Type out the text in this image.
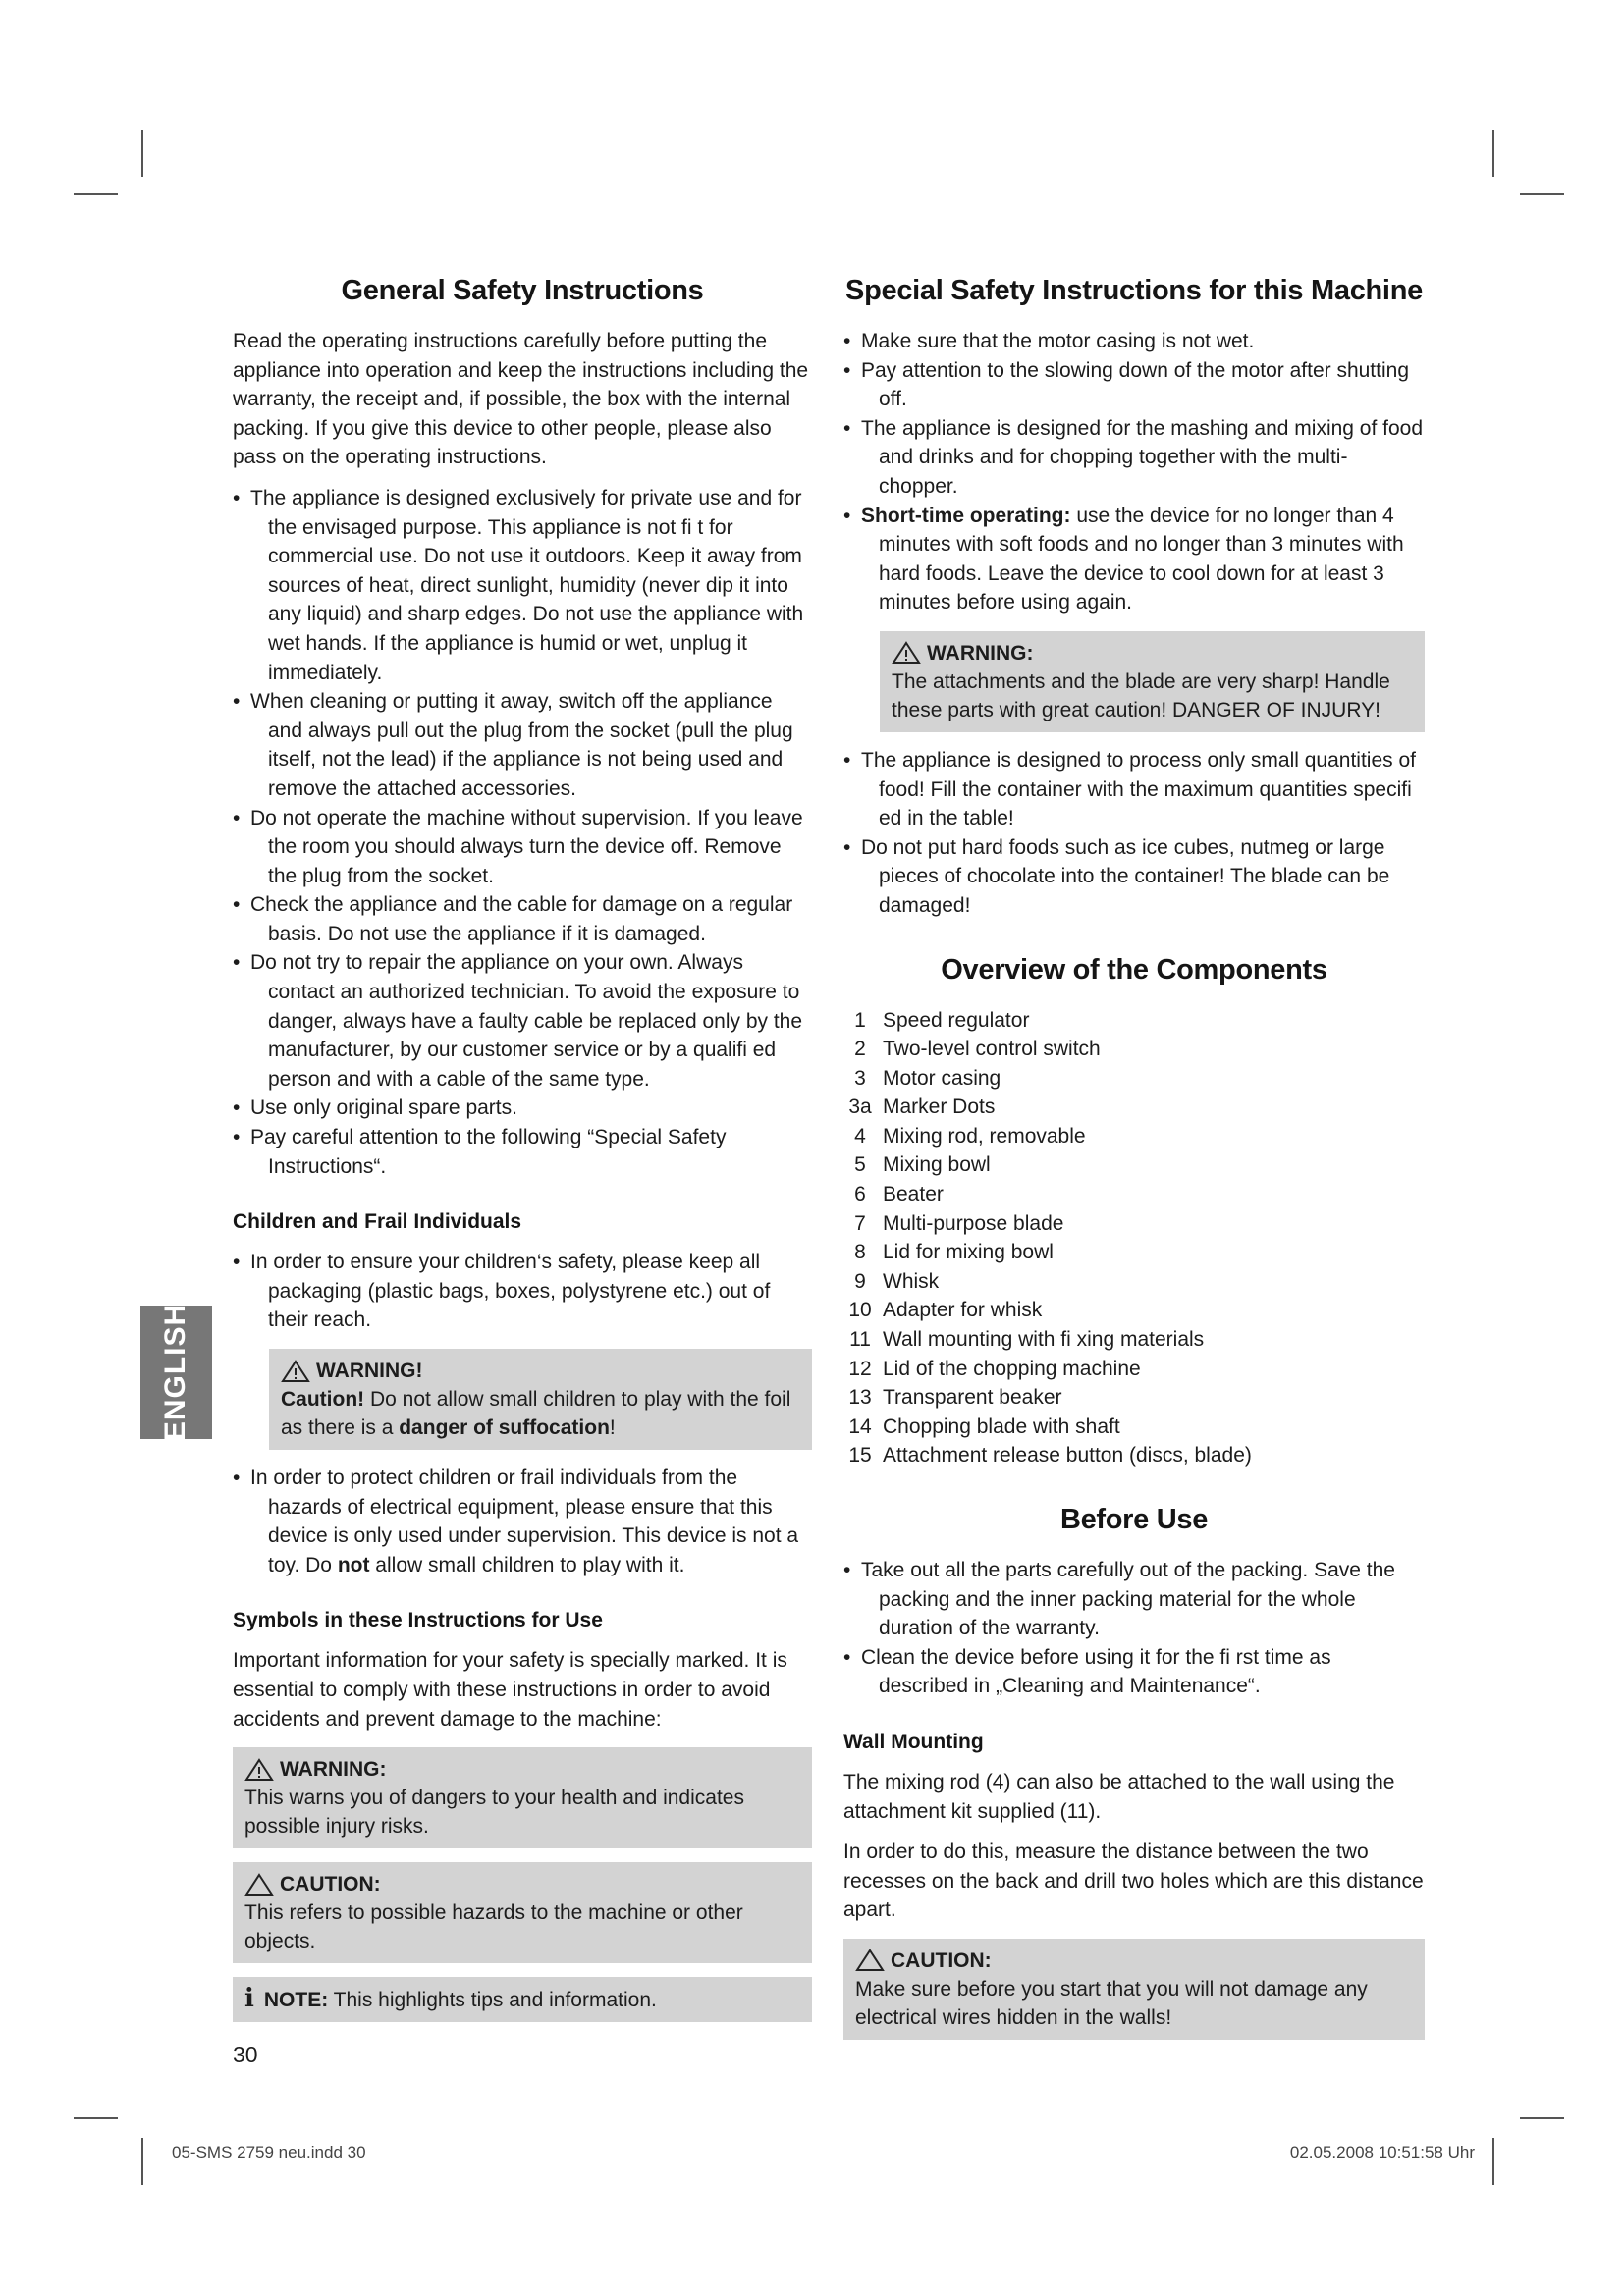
General Safety Instructions

Read the operating instructions carefully before putting the appliance into operation and keep the instructions including the warranty, the receipt and, if possible, the box with the internal packing. If you give this device to other people, please also pass on the operating instructions.

• The appliance is designed exclusively for private use and for the envisaged purpose. This appliance is not fi t for commercial use. Do not use it outdoors. Keep it away from sources of heat, direct sunlight, humidity (never dip it into any liquid) and sharp edges. Do not use the appliance with wet hands. If the appliance is humid or wet, unplug it immediately.
• When cleaning or putting it away, switch off the appliance and always pull out the plug from the socket (pull the plug itself, not the lead) if the appliance is not being used and remove the attached accessories.
• Do not operate the machine without supervision. If you leave the room you should always turn the device off. Remove the plug from the socket.
• Check the appliance and the cable for damage on a regular basis. Do not use the appliance if it is damaged.
• Do not try to repair the appliance on your own. Always contact an authorized technician. To avoid the exposure to danger, always have a faulty cable be replaced only by the manufacturer, by our customer service or by a qualifi ed person and with a cable of the same type.
• Use only original spare parts.
• Pay careful attention to the following “Special Safety Instructions“.
Children and Frail Individuals
• In order to ensure your children‘s safety, please keep all packaging (plastic bags, boxes, polystyrene etc.) out of their reach.
WARNING!
Caution! Do not allow small children to play with the foil as there is a danger of suffocation!
• In order to protect children or frail individuals from the hazards of electrical equipment, please ensure that this device is only used under supervision. This device is not a toy. Do not allow small children to play with it.
Symbols in these Instructions for Use

Important information for your safety is specially marked. It is essential to comply with these instructions in order to avoid accidents and prevent damage to the machine:

WARNING:
This warns you of dangers to your health and indicates possible injury risks.
CAUTION:
This refers to possible hazards to the machine or other objects.
i NOTE: This highlights tips and information.
Special Safety Instructions for this Machine
• Make sure that the motor casing is not wet.
• Pay attention to the slowing down of the motor after shutting off.
• The appliance is designed for the mashing and mixing of food and drinks and for chopping together with the multi-chopper.
• Short-time operating: use the device for no longer than 4 minutes with soft foods and no longer than 3 minutes with hard foods. Leave the device to cool down for at least 3 minutes before using again.
WARNING:
The attachments and the blade are very sharp! Handle these parts with great caution! DANGER OF INJURY!
• The appliance is designed to process only small quantities of food! Fill the container with the maximum quantities specifi ed in the table!
• Do not put hard foods such as ice cubes, nutmeg or large pieces of chocolate into the container! The blade can be damaged!
Overview of the Components
1 Speed regulator
2 Two-level control switch
3 Motor casing
3a Marker Dots
4 Mixing rod, removable
5 Mixing bowl
6 Beater
7 Multi-purpose blade
8 Lid for mixing bowl
9 Whisk
10 Adapter for whisk
11 Wall mounting with fi xing materials
12 Lid of the chopping machine
13 Transparent beaker
14 Chopping blade with shaft
15 Attachment release button (discs, blade)
Before Use
• Take out all the parts carefully out of the packing. Save the packing and the inner packing material for the whole duration of the warranty.
• Clean the device before using it for the fi rst time as described in „Cleaning and Maintenance“.
Wall Mounting

The mixing rod (4) can also be attached to the wall using the attachment kit supplied (11).

In order to do this, measure the distance between the two recesses on the back and drill two holes which are this distance apart.

CAUTION:
Make sure before you start that you will not damage any electrical wires hidden in the walls!
ENGLISH
30
05-SMS 2759 neu.indd 30	02.05.2008 10:51:58 Uhr
